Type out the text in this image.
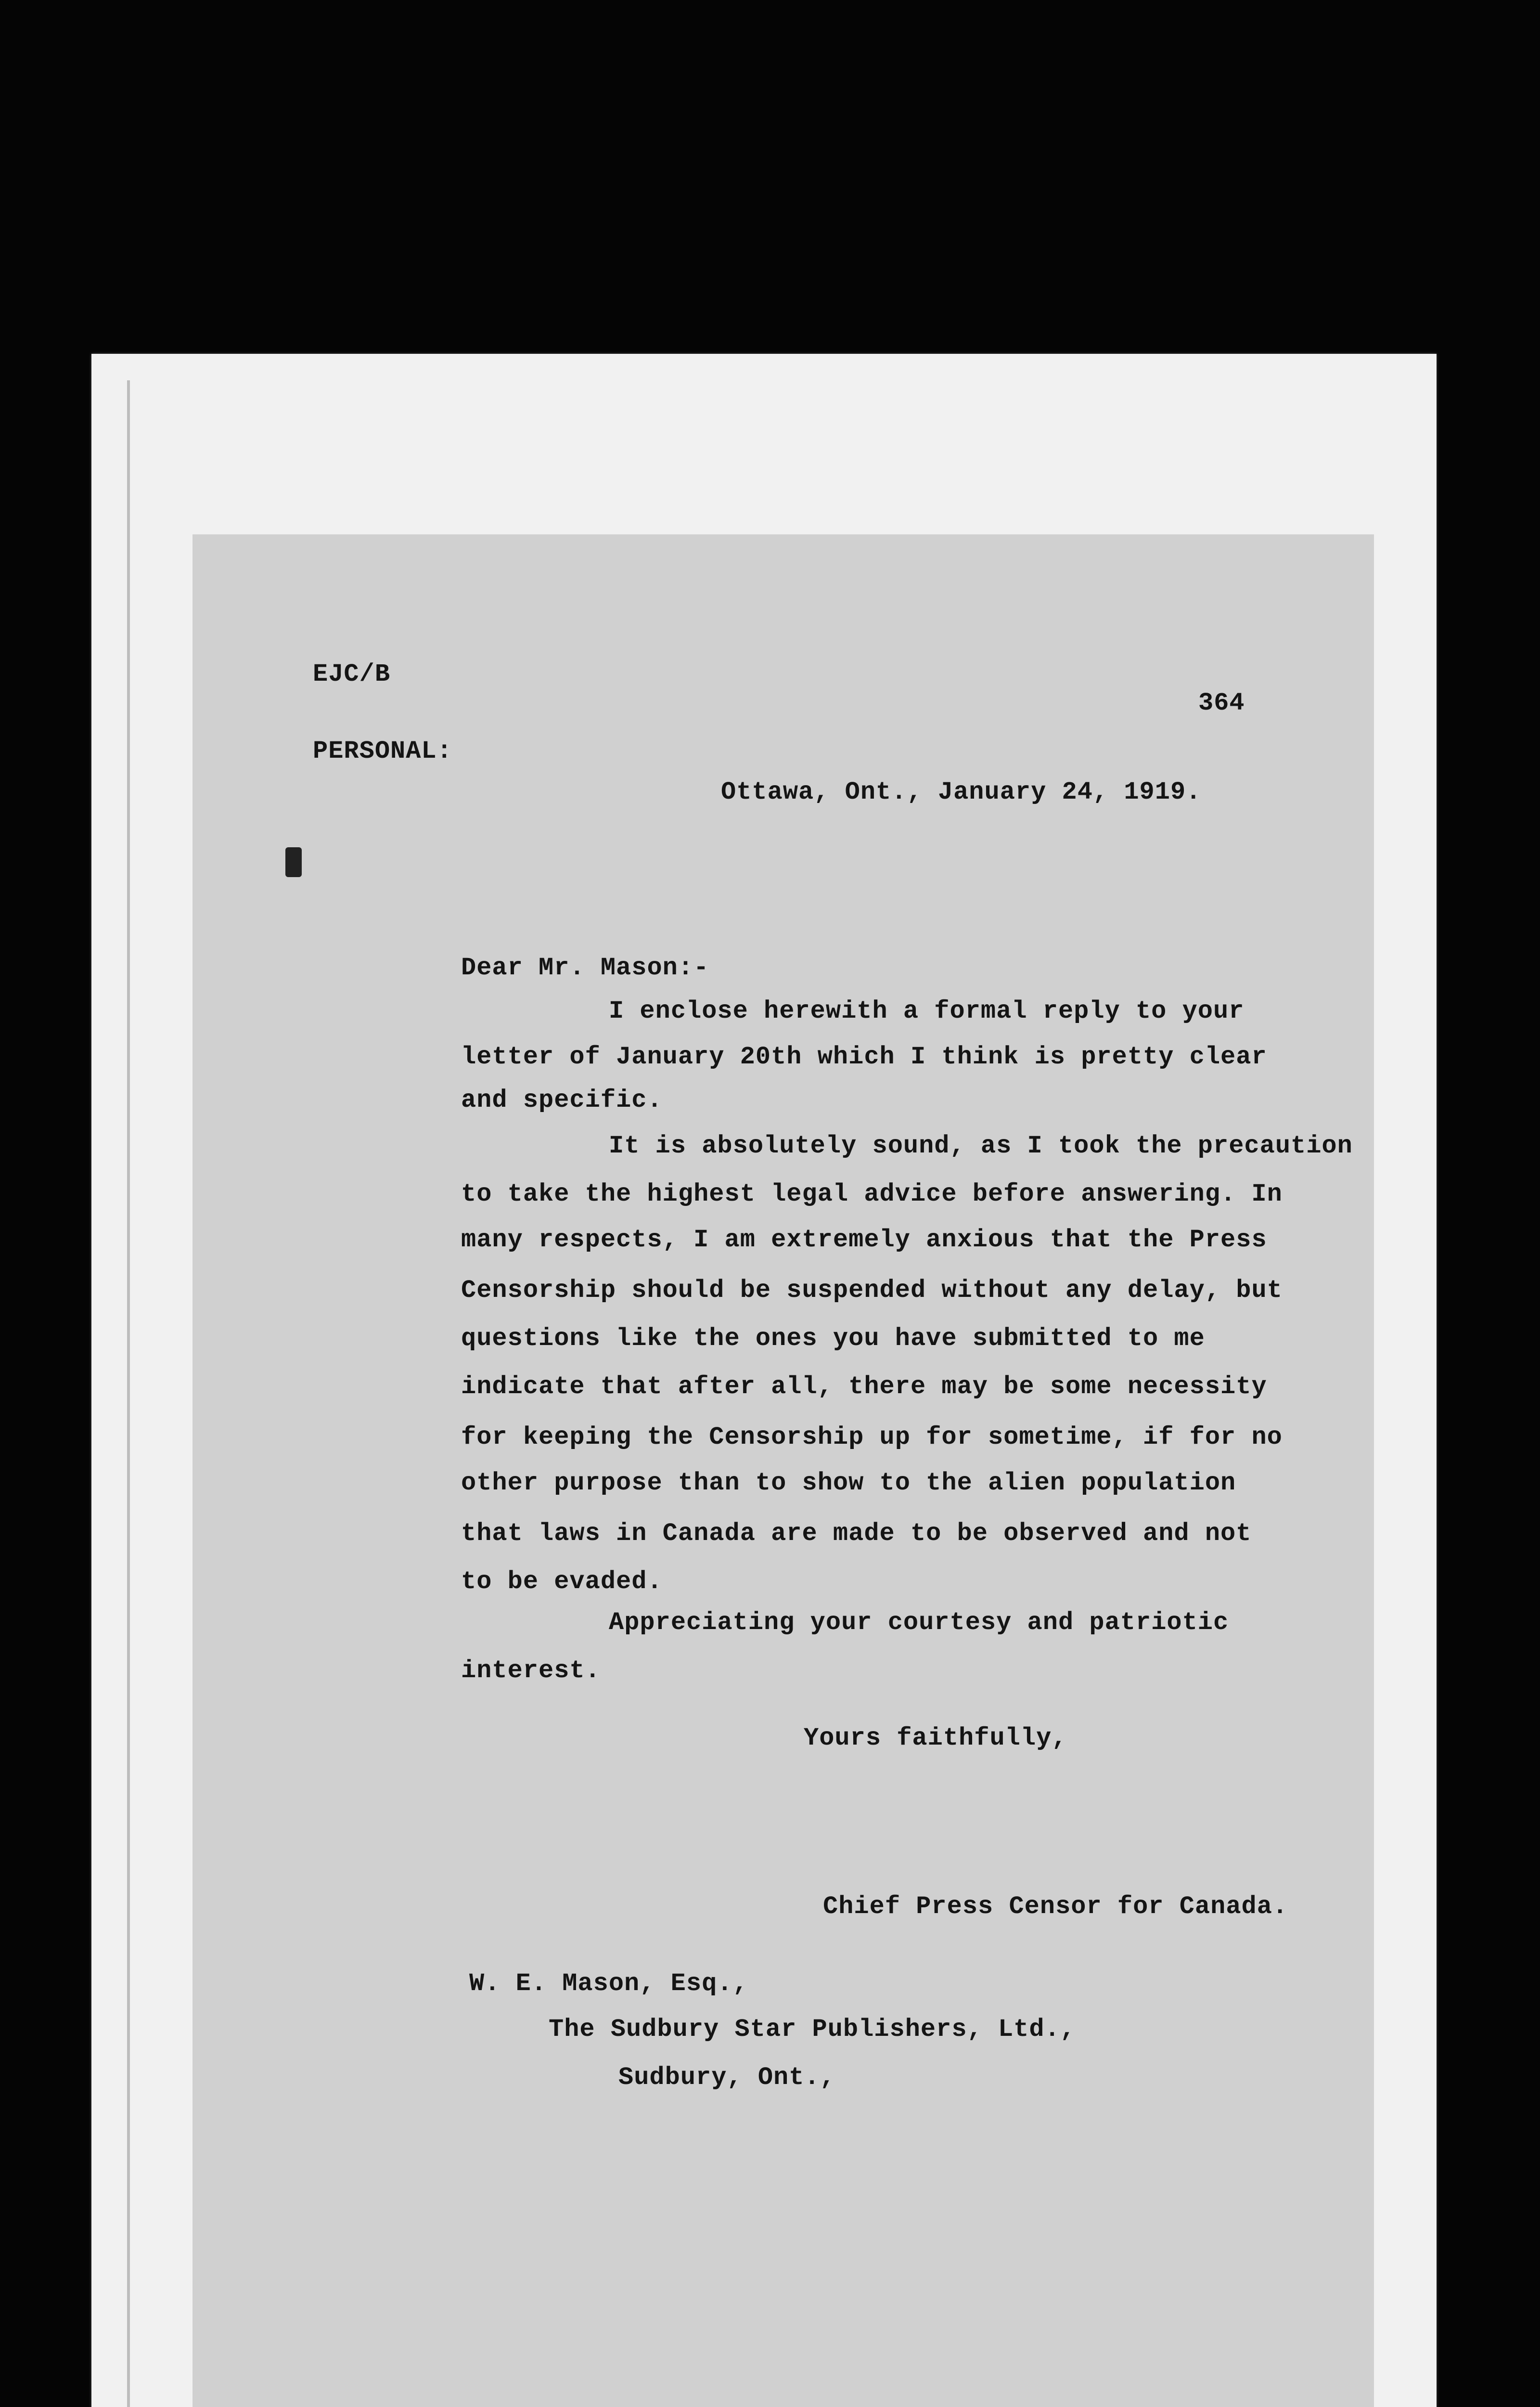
EJC/B
364
PERSONAL:
Ottawa, Ont., January 24, 1919.
Dear Mr. Mason:-
I enclose herewith a formal reply to your
letter of January 20th which I think is pretty clear
and specific.
It is absolutely sound, as I took the precaution
to take the highest legal advice before answering. In
many respects, I am extremely anxious that the Press
Censorship should be suspended without any delay, but
questions like the ones you have submitted to me
indicate that after all, there may be some necessity
for keeping the Censorship up for sometime, if for no
other purpose than to show to the alien population
that laws in Canada are made to be observed and not
to be evaded.
Appreciating your courtesy and patriotic
interest.
Yours faithfully,
Chief Press Censor for Canada.
W. E. Mason, Esq.,
The Sudbury Star Publishers, Ltd.,
Sudbury, Ont.,
